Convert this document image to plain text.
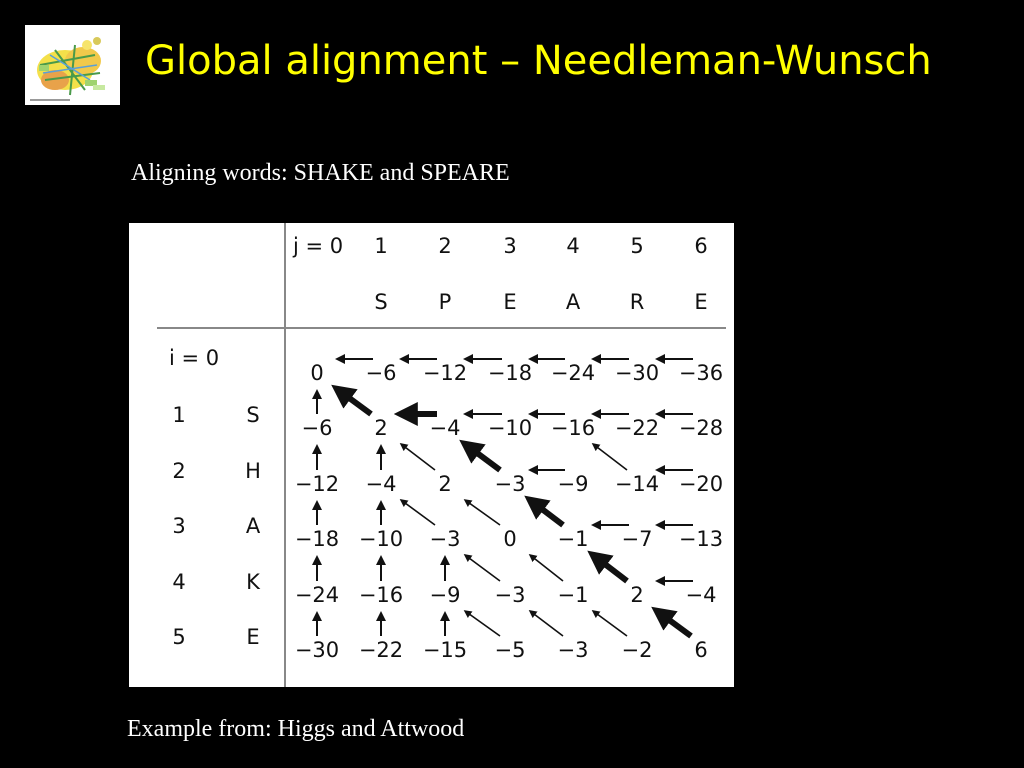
Global alignment – Needleman-Wunsch
Aligning words: SHAKE and SPEARE
j = 0
i = 0
1 2 3 4 5 6
S P E A R E
1
2
3
4
5
S
H
A
K
E
0 −6 −12 −18 −24 −30 −36
−6 2 −4 −10 −16 −22 −28
−12 −4 2 −3 −9 −14 −20
−18 −10 −3 0 −1 −7 −13
−24 −16 −9 −3 −1 2 −4
−30 −22 −15 −5 −3 −2 6
Example from: Higgs and Attwood
